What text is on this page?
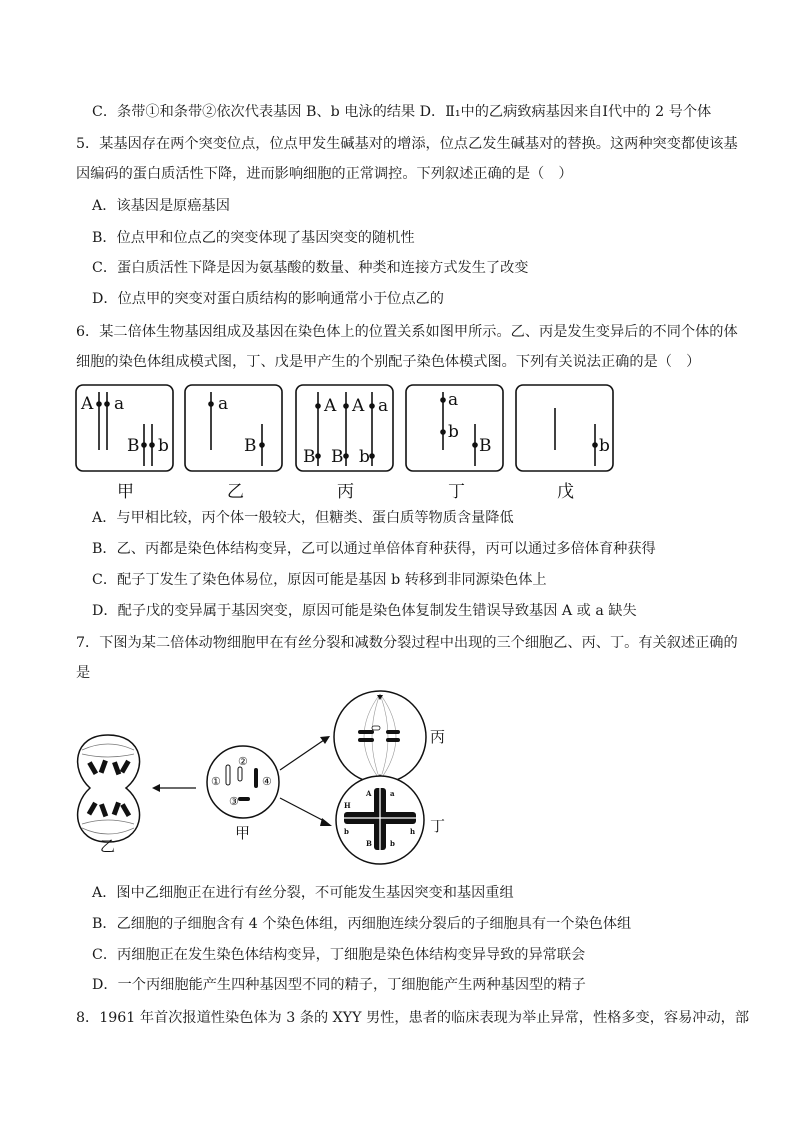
C．条带①和条带②依次代表基因 B、b 电泳的结果 D．Ⅱ₁中的乙病致病基因来自Ⅰ代中的 2 号个体
5．某基因存在两个突变位点，位点甲发生碱基对的增添，位点乙发生碱基对的替换。这两种突变都使该基
因编码的蛋白质活性下降，进而影响细胞的正常调控。下列叙述正确的是（　）
A．该基因是原癌基因
B．位点甲和位点乙的突变体现了基因突变的随机性
C．蛋白质活性下降是因为氨基酸的数量、种类和连接方式发生了改变
D．位点甲的突变对蛋白质结构的影响通常小于位点乙的
6．某二倍体生物基因组成及基因在染色体上的位置关系如图甲所示。乙、丙是发生变异后的不同个体的体
细胞的染色体组成模式图，丁、戊是甲产生的个别配子染色体模式图。下列有关说法正确的是（　）
A a
B b
a
B
A A a
B B b
a
b
B	b
甲	乙	丙	丁	戊
A．与甲相比较，丙个体一般较大，但糖类、蛋白质等物质含量降低
B．乙、丙都是染色体结构变异，乙可以通过单倍体育种获得，丙可以通过多倍体育种获得
C．配子丁发生了染色体易位，原因可能是基因 b 转移到非同源染色体上
D．配子戊的变异属于基因突变，原因可能是染色体复制发生错误导致基因 A 或 a 缺失
7．下图为某二倍体动物细胞甲在有丝分裂和减数分裂过程中出现的三个细胞乙、丙、丁。有关叙述正确的
是
①
②
③
④
A	a
H
b
B	b
h
乙
甲
丙
丁
A．图中乙细胞正在进行有丝分裂，不可能发生基因突变和基因重组
B．乙细胞的子细胞含有 4 个染色体组，丙细胞连续分裂后的子细胞具有一个染色体组
C．丙细胞正在发生染色体结构变异，丁细胞是染色体结构变异导致的异常联会
D．一个丙细胞能产生四种基因型不同的精子，丁细胞能产生两种基因型的精子
8．1961 年首次报道性染色体为 3 条的 XYY 男性，患者的临床表现为举止异常，性格多变，容易冲动，部
